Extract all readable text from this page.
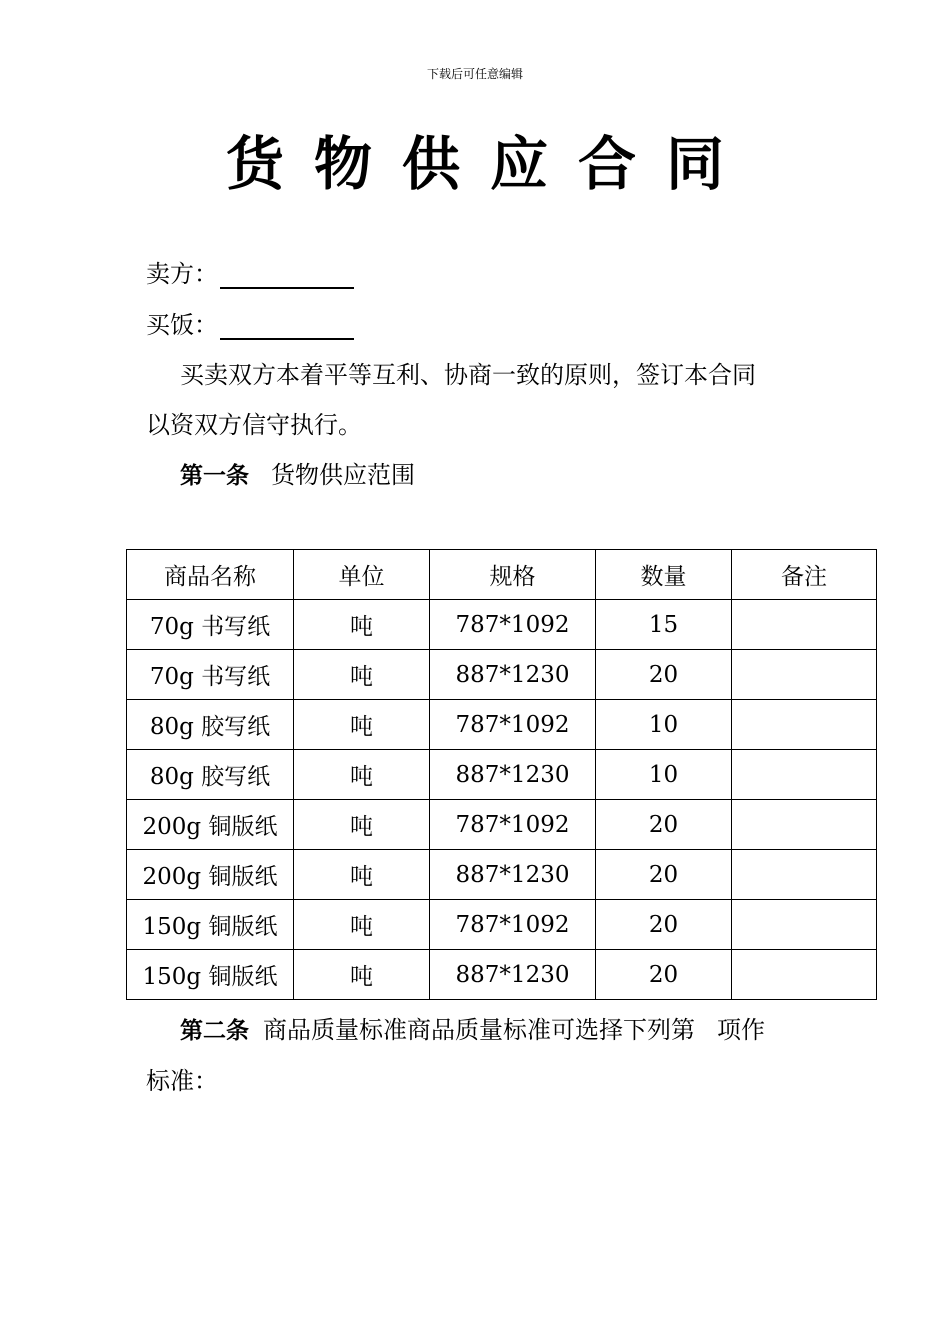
下载后可任意编辑
货物供应合同
卖方：
买饭：
买卖双方本着平等互利、协商一致的原则，签订本合同
以资双方信守执行。
第一条 货物供应范围
商品名称	单位	规格	数量	备注
70g 书写纸	吨	787*1092	15	
70g 书写纸	吨	887*1230	20	
80g 胶写纸	吨	787*1092	10	
80g 胶写纸	吨	887*1230	10	
200g 铜版纸	吨	787*1092	20	
200g 铜版纸	吨	887*1230	20	
150g 铜版纸	吨	787*1092	20	
150g 铜版纸	吨	887*1230	20	
第二条 商品质量标准商品质量标准可选择下列第 项作
标准：
